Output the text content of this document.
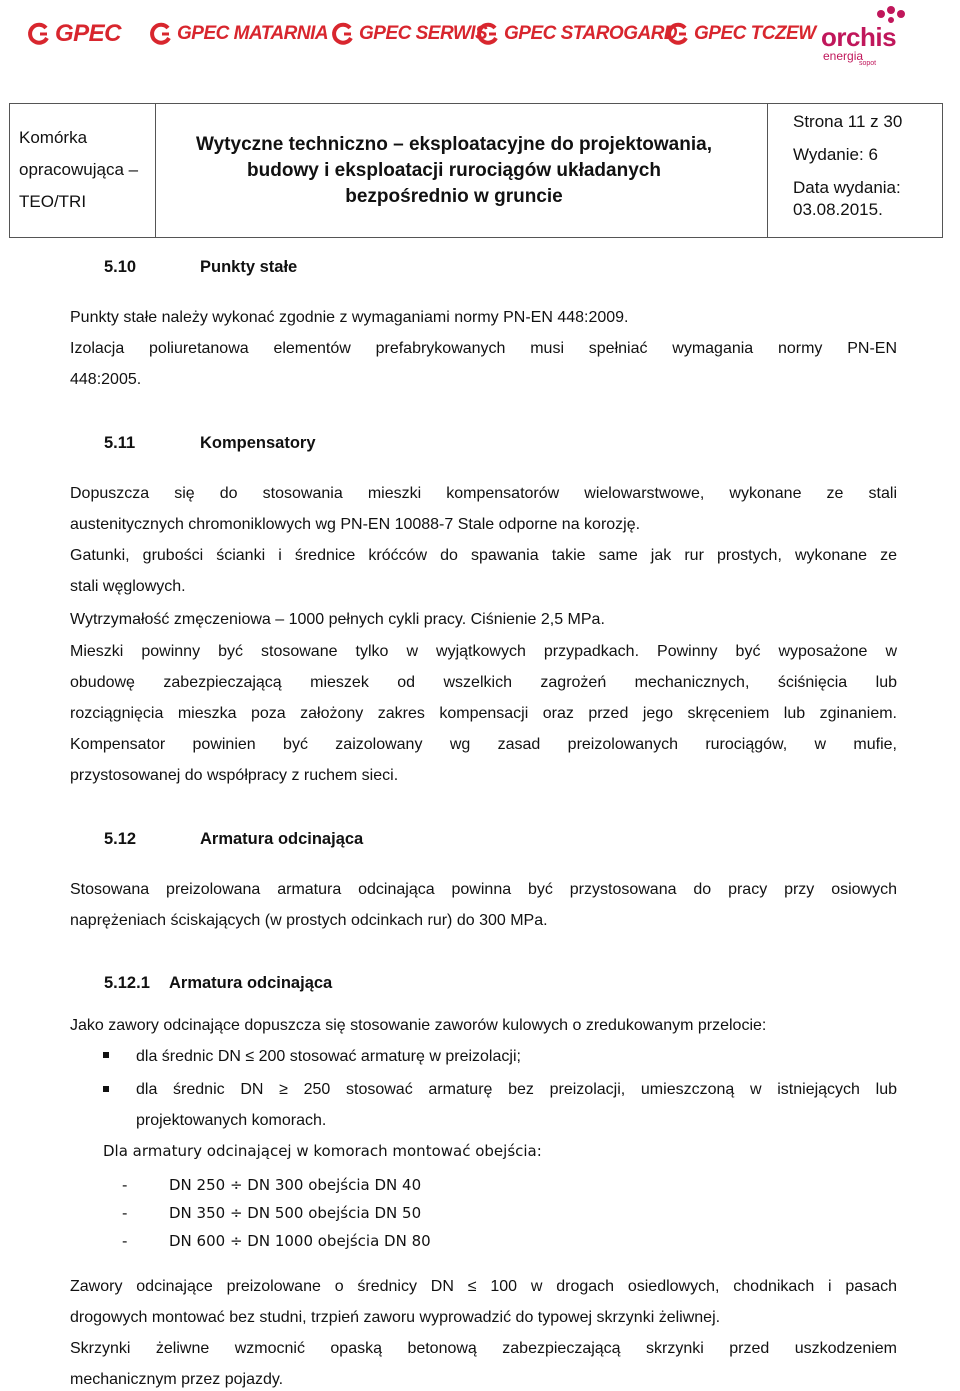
GPEC	GPEC MATARNIA GPEC SERWIS GPEC STAROGARD GPEC TCZEW orchis
energia
sopot
Komórka
opracowująca –
TEO/TRI
Wytyczne techniczno – eksploatacyjne do projektowania,
budowy i eksploatacji rurociągów układanych
bezpośrednio w gruncie
Strona 11 z 30
Wydanie: 6
Data wydania:
03.08.2015.
5.10	Punkty stałe
Punkty stałe należy wykonać zgodnie z wymaganiami normy PN-EN 448:2009.
Izolacja poliuretanowa elementów prefabrykowanych musi spełniać wymagania normy PN-EN
448:2005.
5.11	Kompensatory
Dopuszcza się do stosowania mieszki kompensatorów wielowarstwowe, wykonane ze stali
austenitycznych chromoniklowych wg PN-EN 10088-7 Stale odporne na korozję.
Gatunki, grubości ścianki i średnice króćców do spawania takie same jak rur prostych, wykonane ze
stali węglowych.
Wytrzymałość zmęczeniowa – 1000 pełnych cykli pracy. Ciśnienie 2,5 MPa.
Mieszki powinny być stosowane tylko w wyjątkowych przypadkach. Powinny być wyposażone w
obudowę zabezpieczającą mieszek od wszelkich zagrożeń mechanicznych, ściśnięcia lub
rozciągnięcia mieszka poza założony zakres kompensacji oraz przed jego skręceniem lub zginaniem.
Kompensator powinien być zaizolowany wg zasad preizolowanych rurociągów, w mufie,
przystosowanej do współpracy z ruchem sieci.
5.12	Armatura odcinająca
Stosowana preizolowana armatura odcinająca powinna być przystosowana do pracy przy osiowych
naprężeniach ściskających (w prostych odcinkach rur) do 300 MPa.
5.12.1 Armatura odcinająca
Jako zawory odcinające dopuszcza się stosowanie zaworów kulowych o zredukowanym przelocie:
dla średnic DN ≤ 200 stosować armaturę w preizolacji;
dla średnic DN ≥ 250 stosować armaturę bez preizolacji, umieszczoną w istniejących lub
projektowanych komorach.
Dla armatury odcinającej w komorach montować obejścia:
-	DN 250 ÷ DN 300 obejścia DN 40
-	DN 350 ÷ DN 500 obejścia DN 50
-	DN 600 ÷ DN 1000 obejścia DN 80
Zawory odcinające preizolowane o średnicy DN ≤ 100 w drogach osiedlowych, chodnikach i pasach
drogowych montować bez studni, trzpień zaworu wyprowadzić do typowej skrzynki żeliwnej.
Skrzynki żeliwne wzmocnić opaską betonową zabezpieczającą skrzynki przed uszkodzeniem
mechanicznym przez pojazdy.
